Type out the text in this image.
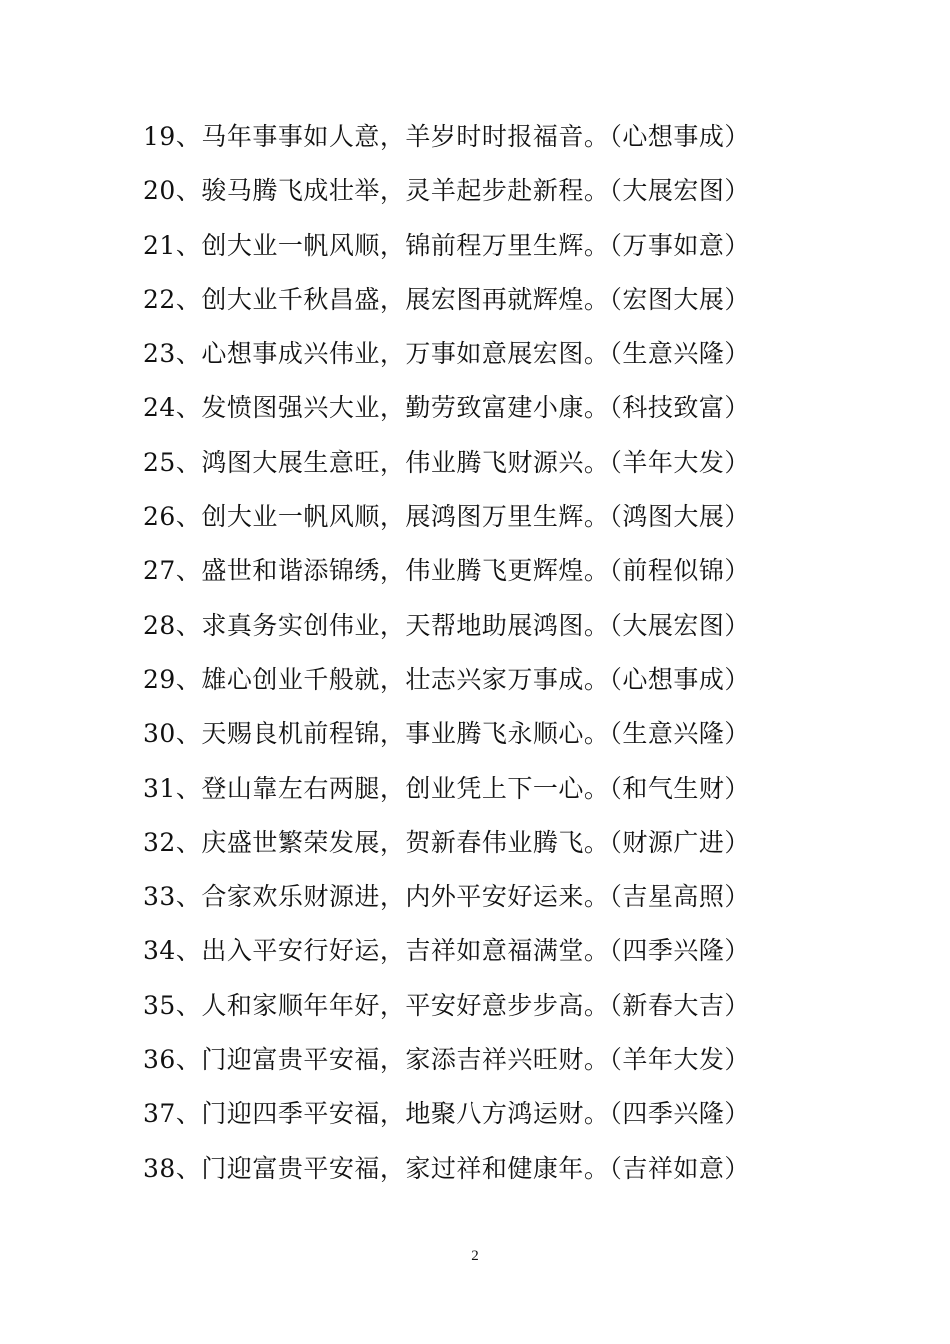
19、马年事事如人意，羊岁时时报福音。（心想事成）
20、骏马腾飞成壮举，灵羊起步赴新程。（大展宏图）
21、创大业一帆风顺，锦前程万里生辉。（万事如意）
22、创大业千秋昌盛，展宏图再就辉煌。（宏图大展）
23、心想事成兴伟业，万事如意展宏图。（生意兴隆）
24、发愤图强兴大业，勤劳致富建小康。（科技致富）
25、鸿图大展生意旺，伟业腾飞财源兴。（羊年大发）
26、创大业一帆风顺，展鸿图万里生辉。（鸿图大展）
27、盛世和谐添锦绣，伟业腾飞更辉煌。（前程似锦）
28、求真务实创伟业，天帮地助展鸿图。（大展宏图）
29、雄心创业千般就，壮志兴家万事成。（心想事成）
30、天赐良机前程锦，事业腾飞永顺心。（生意兴隆）
31、登山靠左右两腿，创业凭上下一心。（和气生财）
32、庆盛世繁荣发展，贺新春伟业腾飞。（财源广进）
33、合家欢乐财源进，内外平安好运来。（吉星高照）
34、出入平安行好运，吉祥如意福满堂。（四季兴隆）
35、人和家顺年年好，平安好意步步高。（新春大吉）
36、门迎富贵平安福，家添吉祥兴旺财。（羊年大发）
37、门迎四季平安福，地聚八方鸿运财。（四季兴隆）
38、门迎富贵平安福，家过祥和健康年。（吉祥如意）
2
